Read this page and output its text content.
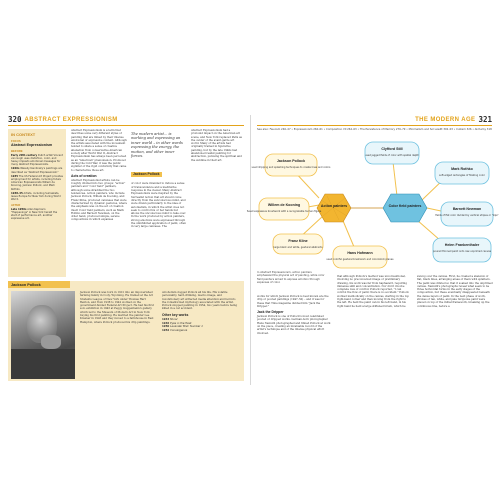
320 ABSTRACT EXPRESSIONISM
IN CONTEXT
FOCUS
Abstract Expressionism
BEFORE
Early 20th century Dutch artist Vincent van Gogh uses distortion, color, and heavy impasto emotional messages for many Abstract Expressionists.
1920s Wassily Kandinsky's paintings are described as "Abstract Expressionist."
1935 The US Federal Art Project provides employment for artists, including future American Expressionists Willem de Kooning, Jackson Pollock, and Mark Rothko.
1938–45 Artists, including Surrealists, leave Europe for New York during World War II.
AFTER
Late 1950s Allan Kaprow's "Happenings" in New York herald the start of performance art, another expressive art.

Abstract Expressionism is a term that describes some very different styles of painting that are linked by their intense emotional or expressive content. Although the artists associated with the movement tended to share a sense of creative alienation from conservative American society after World War II, Abstract Expressionism has always been perceived as an "American" phenomenon. Produced during the Cold War, it was the public signifier of the rigid conformity that came to characterize those art.

Acts of creation

Abstract Expressionist artists can be roughly divided into two groups: "action" painters and "color field" painters, although some straddled the two tendencies. Action painters, who include Jackson Pollock, Willem de Kooning, and Franz Kline, produced canvases that were characterized by dynamic gestures, where the emphasis was on the act of creation itself. Color field painters, such as Mark Rothko and Barnett Newman, on the other hand, produced simple, serene compositions in which expanses

The modern artist... is working and expressing an inner world – in other words expressing the energy, the motion, and other inner forces.

Jackson Pollock

of color were intended to induce a sense of transcendence and a meditative response in the viewer. Many Abstract Expressionists were inspired by the Surrealist notion that art should come directly from the subconscious mind, and were drawn particularly to the idea of automatism, in which the artist does not seek to control his or her hands but allows the unconscious mind to take over. In the work produced by action painters, strong emotions were expressed through the uninhibited application of paint, often in very large canvases. The

Abstract Expressionism had a profound impact on the American art scene, and New York replaced Paris as the center of the avant-garde art world. Many of the artists had originally trained in figurative painting, but by the late 1940s had abandoned realist painting for abstraction, pursuing the spiritual and the sublime in their art.

Jackson Pollock

Jackson Pollock was born in 1912 into an impoverished farming family in Cody, Wyoming. He trained at the Art Students League of New York under Thomas Hart Benton, and from 1938 to 1942 worked on the government-funded Federal Art Project. He had his first solo exhibition in 1943 at Peggy Guggenheim's gallery, which led to the Museum of Modern Art in New York buying his first painting. He married the painter Lee Krasner in 1945 and they moved to a farmhouse in East Hampton, where Pollock produced his drip paintings.

Alcoholism dogged Pollock all his life. His volatile personality, hard-drinking, macho image, and revolutionary art attracted media attention and fed into the romanticized mythology associated with the artist. Pollock stopped painting in 1954, two years before being killed in a car accident.

Other key works
1943 Mural
1946 Eyes in the Heat
1950 Lavender Mist: Number 1
1952 Convergence
THE MODERN AGE 321
See also: Fauvism 246–47 • Expressionism 260–61 • Composition VII 262–63 • The Persistence of Memory 276–79 • Minimalism and Sol Lewitt 302–03 • Cubism 326 • Alchemy 318
Action painters	Color field painters
Jackson Pollock
used dripping and splashing techniques to create lines and colors
Willem de Kooning
fused expressive brushwork with a recognizable human figure
Franz Kline
large black and white, gestural abstracts
Hans Hofmann
used colorful gestural brushwork and color-block planes
Clyfford Still
used jagged fields of color with spatial depth
Mark Rothko
soft-edged rectangles of floating color
Barnett Newman
fields of flat color divided by vertical stripes or "zips"
Helen Frankenthaler
poured thinned paint onto raw unprimed canvas
In Abstract Expressionism, action painters emphasized the physical act of painting, while color field painters aimed to express emotion through expanses of color.

works for which Jackson Pollock is best known are the drip or poured paintings (1947–50) – and it was for these that Time magazine dubbed him "Jack the Dripper."

Jack the Dripper

Jackson Pollock is one of Pollock's most celebrated poured or dripped works. German-born photographer Hans Namuth photographed and filmed Pollock at work on the piece, creating an invaluable record of the artist's technique and of the intense physical effort involved.

that although Pollock's method was unconventional, involving no preconceived image or preliminary drawing, his work was far from haphazard, requiring immense skill and concentration. Nor did it involve complete loss of control; Pollock reported, "I can control the flow of paint; there is no accident." Pollock worked methodically on the canvas, starting in the top right-hand corner and then moving from the right to the left. He held the paint can in his left hand, in his right hand he held a large stiffened brush, which he

swung over the canvas. First, he created a skeleton of flat, black lines, arranging areas of them with splatters. The paint was diluted so that it soaked into the unprimed canvas. Namuth's photographs reveal what seem to be three horizontal forms in the early stages of the composition, but these eventually disappeared beneath the dense layers of paint. In the next phase of work, strokes of tan, white, and pale turquoise paint were placed on top of the initial framework, breaking up the continuous line, before a
